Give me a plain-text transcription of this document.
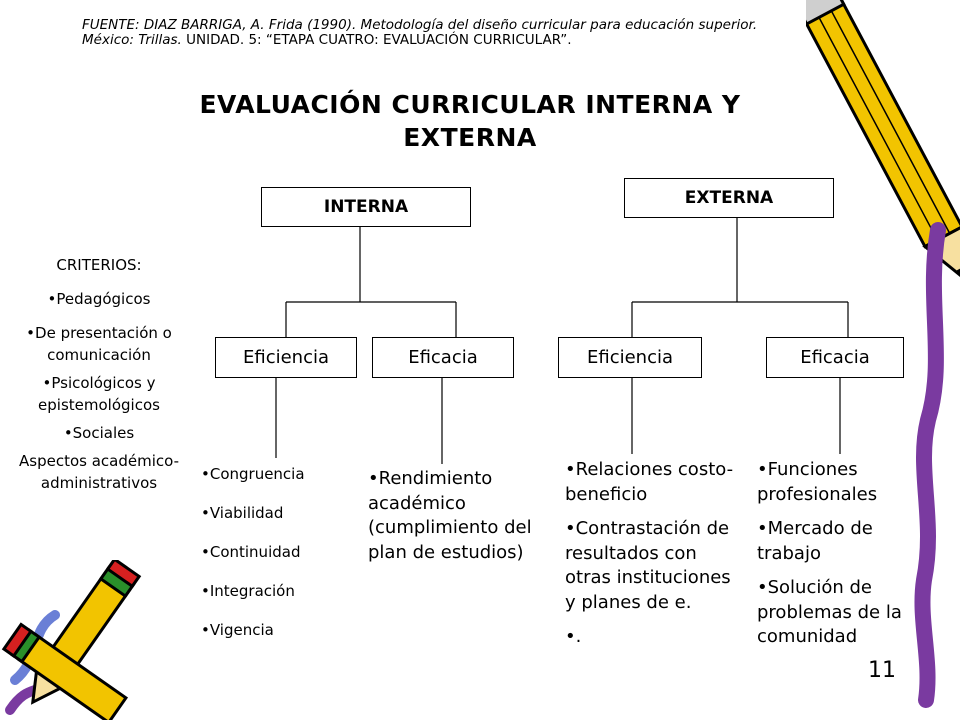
FUENTE: DIAZ BARRIGA, A. Frida (1990). Metodología del diseño curricular para educación superior. México: Trillas. UNIDAD. 5: “ETAPA CUATRO: EVALUACIÓN CURRICULAR”.
EVALUACIÓN CURRICULAR INTERNA Y
EXTERNA
INTERNA	EXTERNA
Eficiencia	Eficacia	Eficiencia	Eficacia
CRITERIOS:
•Pedagógicos
•De presentación o comunicación
•Psicológicos y epistemológicos
•Sociales
Aspectos académico-administrativos	•Congruencia
•Viabilidad
•Continuidad
•Integración
•Vigencia
•Rendimiento académico (cumplimiento del plan de estudios)
•Relaciones costo-beneficio
•Contrastación de resultados con otras instituciones y planes de e.
•.
•Funciones profesionales
•Mercado de trabajo
•Solución de problemas de la comunidad
11
